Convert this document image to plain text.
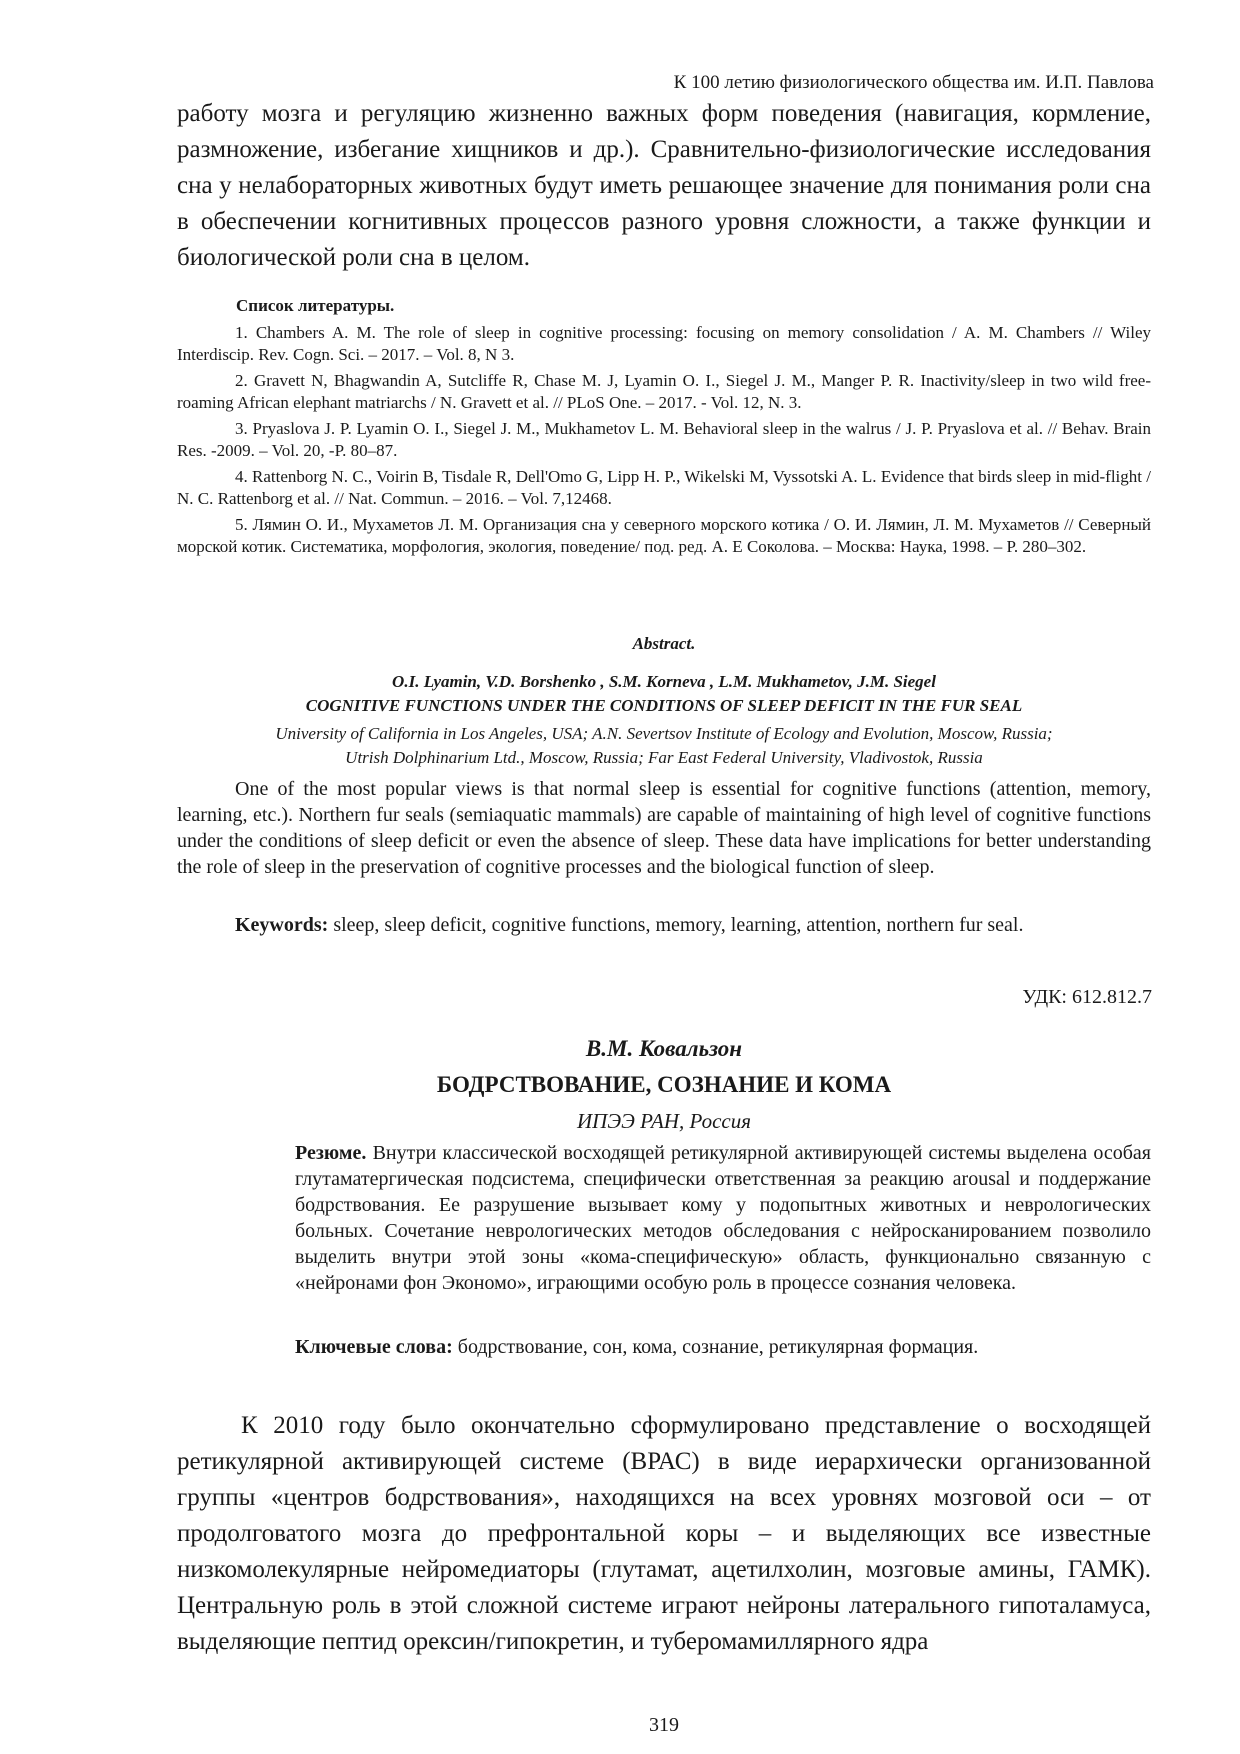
К 100 летию физиологического общества им. И.П. Павлова

работу мозга и регуляцию жизненно важных форм поведения (навигация, кормление, размножение, избегание хищников и др.). Сравнительно-физиологические исследования сна у нелабораторных животных будут иметь решающее значение для понимания роли сна в обеспечении когнитивных процессов разного уровня сложности, а также функции и биологической роли сна в целом.

Список литературы.

1. Chambers A. M. The role of sleep in cognitive processing: focusing on memory consolidation / A. M. Chambers // Wiley Interdiscip. Rev. Cogn. Sci. – 2017. – Vol. 8, N 3.

2. Gravett N, Bhagwandin A, Sutcliffe R, Chase M. J, Lyamin O. I., Siegel J. M., Manger P. R. Inactivity/sleep in two wild free-roaming African elephant matriarchs / N. Gravett et al. // PLoS One. – 2017. - Vol. 12, N. 3.

3. Pryaslova J. P. Lyamin O. I., Siegel J. M., Mukhametov L. M. Behavioral sleep in the walrus / J. P. Pryaslova et al. // Behav. Brain Res. -2009. – Vol. 20, -P. 80–87.

4. Rattenborg N. C., Voirin B, Tisdale R, Dell'Omo G, Lipp H. P., Wikelski M, Vyssotski A. L. Evidence that birds sleep in mid-flight / N. C. Rattenborg et al. // Nat. Commun. – 2016. – Vol. 7,12468.

5. Лямин О. И., Мухаметов Л. М. Организация сна у северного морского котика / О. И. Лямин, Л. М. Мухаметов // Северный морской котик. Систематика, морфология, экология, поведение/ под. ред. А. Е Соколова. – Москва: Наука, 1998. – Р. 280–302.

Abstract.
O.I. Lyamin, V.D. Borshenko , S.M. Korneva , L.M. Mukhametov, J.M. Siegel
COGNITIVE FUNCTIONS UNDER THE CONDITIONS OF SLEEP DEFICIT IN THE FUR SEAL
University of California in Los Angeles, USA; A.N. Severtsov Institute of Ecology and Evolution, Moscow, Russia;
Utrish Dolphinarium Ltd., Moscow, Russia; Far East Federal University, Vladivostok, Russia

One of the most popular views is that normal sleep is essential for cognitive functions (attention, memory, learning, etc.). Northern fur seals (semiaquatic mammals) are capable of maintaining of high level of cognitive functions under the conditions of sleep deficit or even the absence of sleep. These data have implications for better understanding the role of sleep in the preservation of cognitive processes and the biological function of sleep.

Keywords: sleep, sleep deficit, cognitive functions, memory, learning, attention, northern fur seal.

УДК: 612.812.7
В.М. Ковальзон
БОДРСТВОВАНИЕ, СОЗНАНИЕ И КОМА
ИПЭЭ РАН, Россия

Резюме. Внутри классической восходящей ретикулярной активирующей системы выделена особая глутаматергическая подсистема, специфически ответственная за реакцию arousal и поддержание бодрствования. Ее разрушение вызывает кому у подопытных животных и неврологических больных. Сочетание неврологических методов обследования с нейросканированием позволило выделить внутри этой зоны «кома-специфическую» область, функционально связанную с «нейронами фон Экономо», играющими особую роль в процессе сознания человека.

Ключевые слова: бодрствование, сон, кома, сознание, ретикулярная формация.

К 2010 году было окончательно сформулировано представление о восходящей ретикулярной активирующей системе (ВРАС) в виде иерархически организованной группы «центров бодрствования», находящихся на всех уровнях мозговой оси – от продолговатого мозга до префронтальной коры – и выделяющих все известные низкомолекулярные нейромедиаторы (глутамат, ацетилхолин, мозговые амины, ГАМК). Центральную роль в этой сложной системе играют нейроны латерального гипоталамуса, выделяющие пептид орексин/гипокретин, и туберомамиллярного ядра

319
